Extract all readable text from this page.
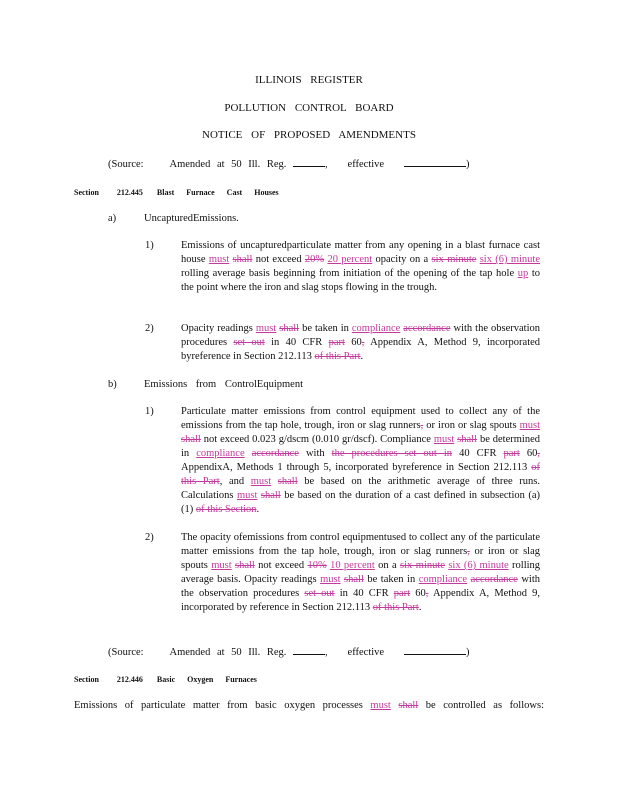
ILLINOIS REGISTER
POLLUTION CONTROL BOARD
NOTICE OF PROPOSED AMENDMENTS
(Source: Amended at 50 Ill. Reg.	, effective	)
Section 212.445 Blast Furnace Cast Houses
a)	UncapturedEmissions.
1)	Emissions of uncapturedparticulate matter from any opening in a blast furnace cast house must shall not exceed 20% 20 percent opacity on a six-minute six (6) minute rolling average basis beginning from initiation of the opening of the tap hole up to the point where the iron and slag stops flowing in the trough.
2)	Opacity readings must shall be taken in compliance accordance with the observation procedures set out in 40 CFR part 60, Appendix A, Method 9, incorporated byreference in Section 212.113 of this Part.
b)	Emissions from ControlEquipment
1)	Particulate matter emissions from control equipment used to collect any of the emissions from the tap hole, trough, iron or slag runners, or iron or slag spouts must shall not exceed 0.023 g/dscm (0.010 gr/dscf). Compliance must shall be determined in compliance accordance with the procedures set out in 40 CFR part 60, AppendixA, Methods 1 through 5, incorporated byreference in Section 212.113 of this Part, and must shall be based on the arithmetic average of three runs. Calculations must shall be based on the duration of a cast defined in subsection (a)(1) of this Section.
2)	The opacity ofemissions from control equipmentused to collect any of the particulate matter emissions from the tap hole, trough, iron or slag runners, or iron or slag spouts must shall not exceed 10% 10 percent on a six-minute six (6) minute rolling average basis. Opacity readings must shall be taken in compliance accordance with the observation procedures set out in 40 CFR part 60, Appendix A, Method 9, incorporated by reference in Section 212.113 of this Part.
(Source: Amended at 50 Ill. Reg.	, effective	)
Section 212.446 Basic Oxygen Furnaces
Emissions of particulate matter from basic oxygen processes must shall be controlled as follows:
